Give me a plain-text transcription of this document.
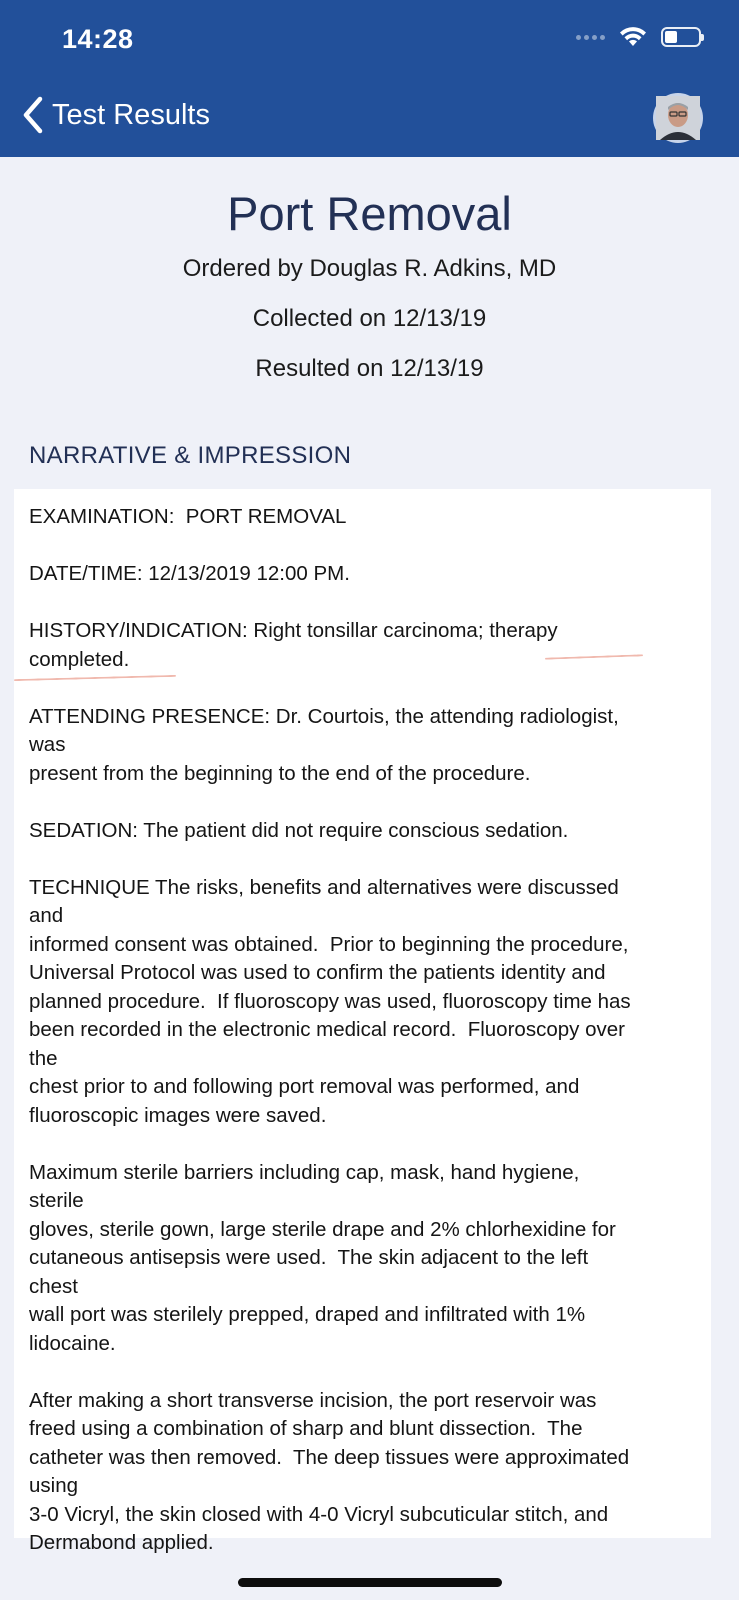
14:28
Test Results
Port Removal
Ordered by Douglas R. Adkins, MD
Collected on 12/13/19
Resulted on 12/13/19
NARRATIVE & IMPRESSION
EXAMINATION:  PORT REMOVAL
DATE/TIME: 12/13/2019 12:00 PM.
HISTORY/INDICATION: Right tonsillar carcinoma; therapy
completed.
ATTENDING PRESENCE: Dr. Courtois, the attending radiologist,
was
present from the beginning to the end of the procedure.
SEDATION: The patient did not require conscious sedation.
TECHNIQUE The risks, benefits and alternatives were discussed
and
informed consent was obtained.  Prior to beginning the procedure,
Universal Protocol was used to confirm the patients identity and
planned procedure.  If fluoroscopy was used, fluoroscopy time has
been recorded in the electronic medical record.  Fluoroscopy over
the
chest prior to and following port removal was performed, and
fluoroscopic images were saved.
Maximum sterile barriers including cap, mask, hand hygiene,
sterile
gloves, sterile gown, large sterile drape and 2% chlorhexidine for
cutaneous antisepsis were used.  The skin adjacent to the left
chest
wall port was sterilely prepped, draped and infiltrated with 1%
lidocaine.
After making a short transverse incision, the port reservoir was
freed using a combination of sharp and blunt dissection.  The
catheter was then removed.  The deep tissues were approximated
using
3-0 Vicryl, the skin closed with 4-0 Vicryl subcuticular stitch, and
Dermabond applied.
